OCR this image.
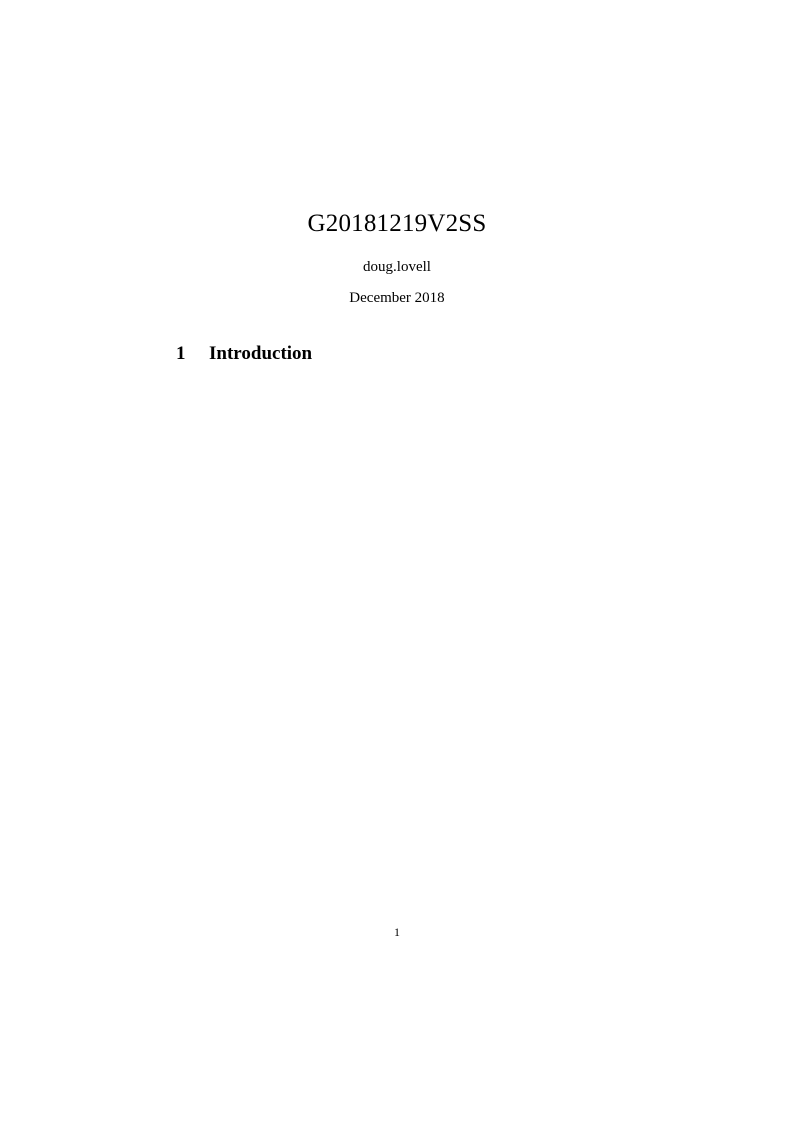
G20181219V2SS
doug.lovell
December 2018
1	Introduction
1
